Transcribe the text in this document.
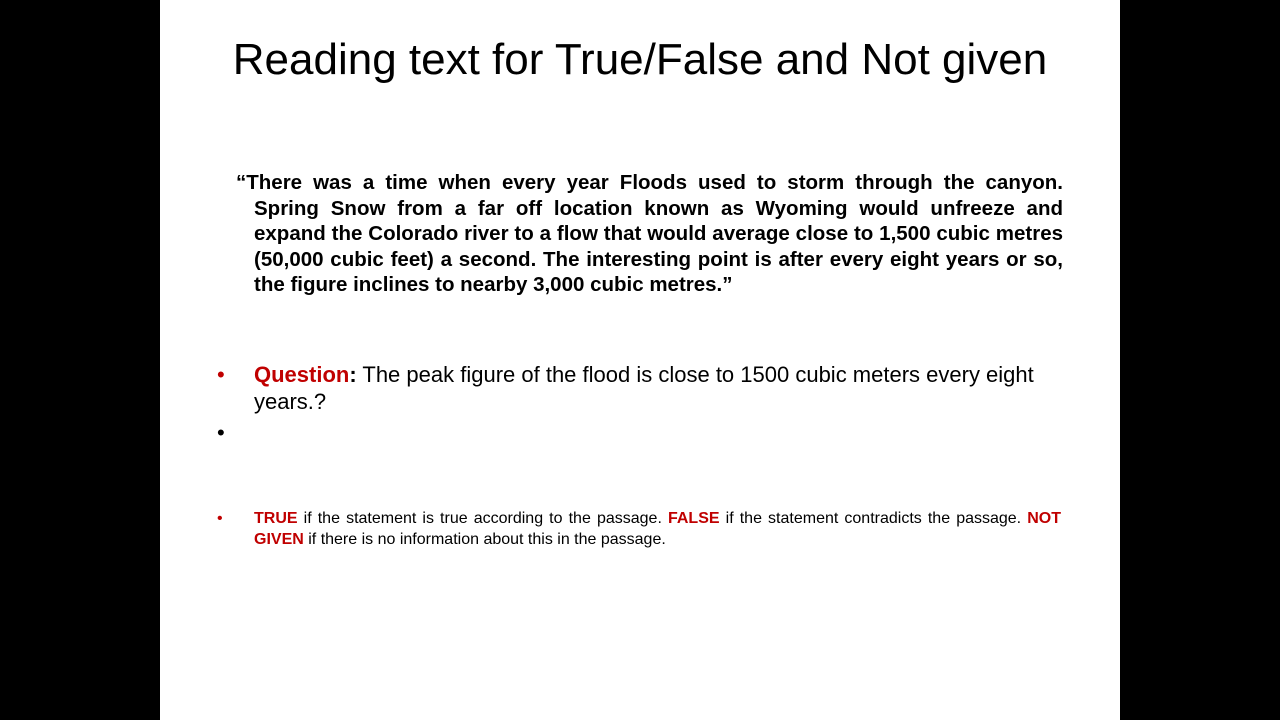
Reading text for True/False and Not given

“There was a time when every year Floods used to storm through the canyon. Spring Snow from a far off location known as Wyoming would unfreeze and expand the Colorado river to a flow that would average close to 1,500 cubic metres (50,000 cubic feet) a second. The interesting point is after every eight years or so, the figure inclines to nearby 3,000 cubic metres.”

• Question: The peak figure of the flood is close to 1500 cubic meters every eight years.?
•
• TRUE if the statement is true according to the passage. FALSE if the statement contradicts the passage. NOT GIVEN if there is no information about this in the passage.
